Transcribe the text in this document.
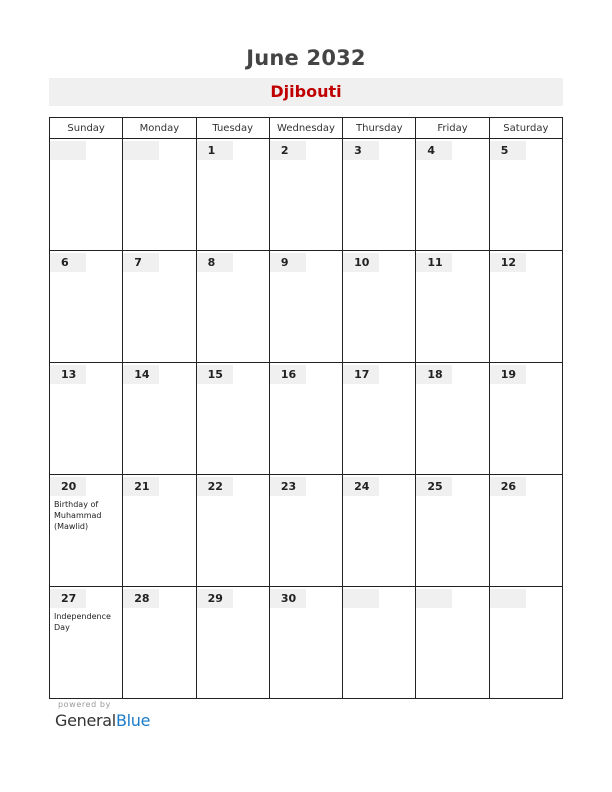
June 2032
Djibouti
Sunday	Monday	Tuesday	Wednesday	Thursday	Friday	Saturday

		1	2	3	4	5

6	7	8	9	10	11	12

13	14	15	16	17	18	19

20
Birthday of Muhammad (Mawlid)	21	22	23	24	25	26

27
Independence Day	28	29	30			

powered by
GeneralBlue
